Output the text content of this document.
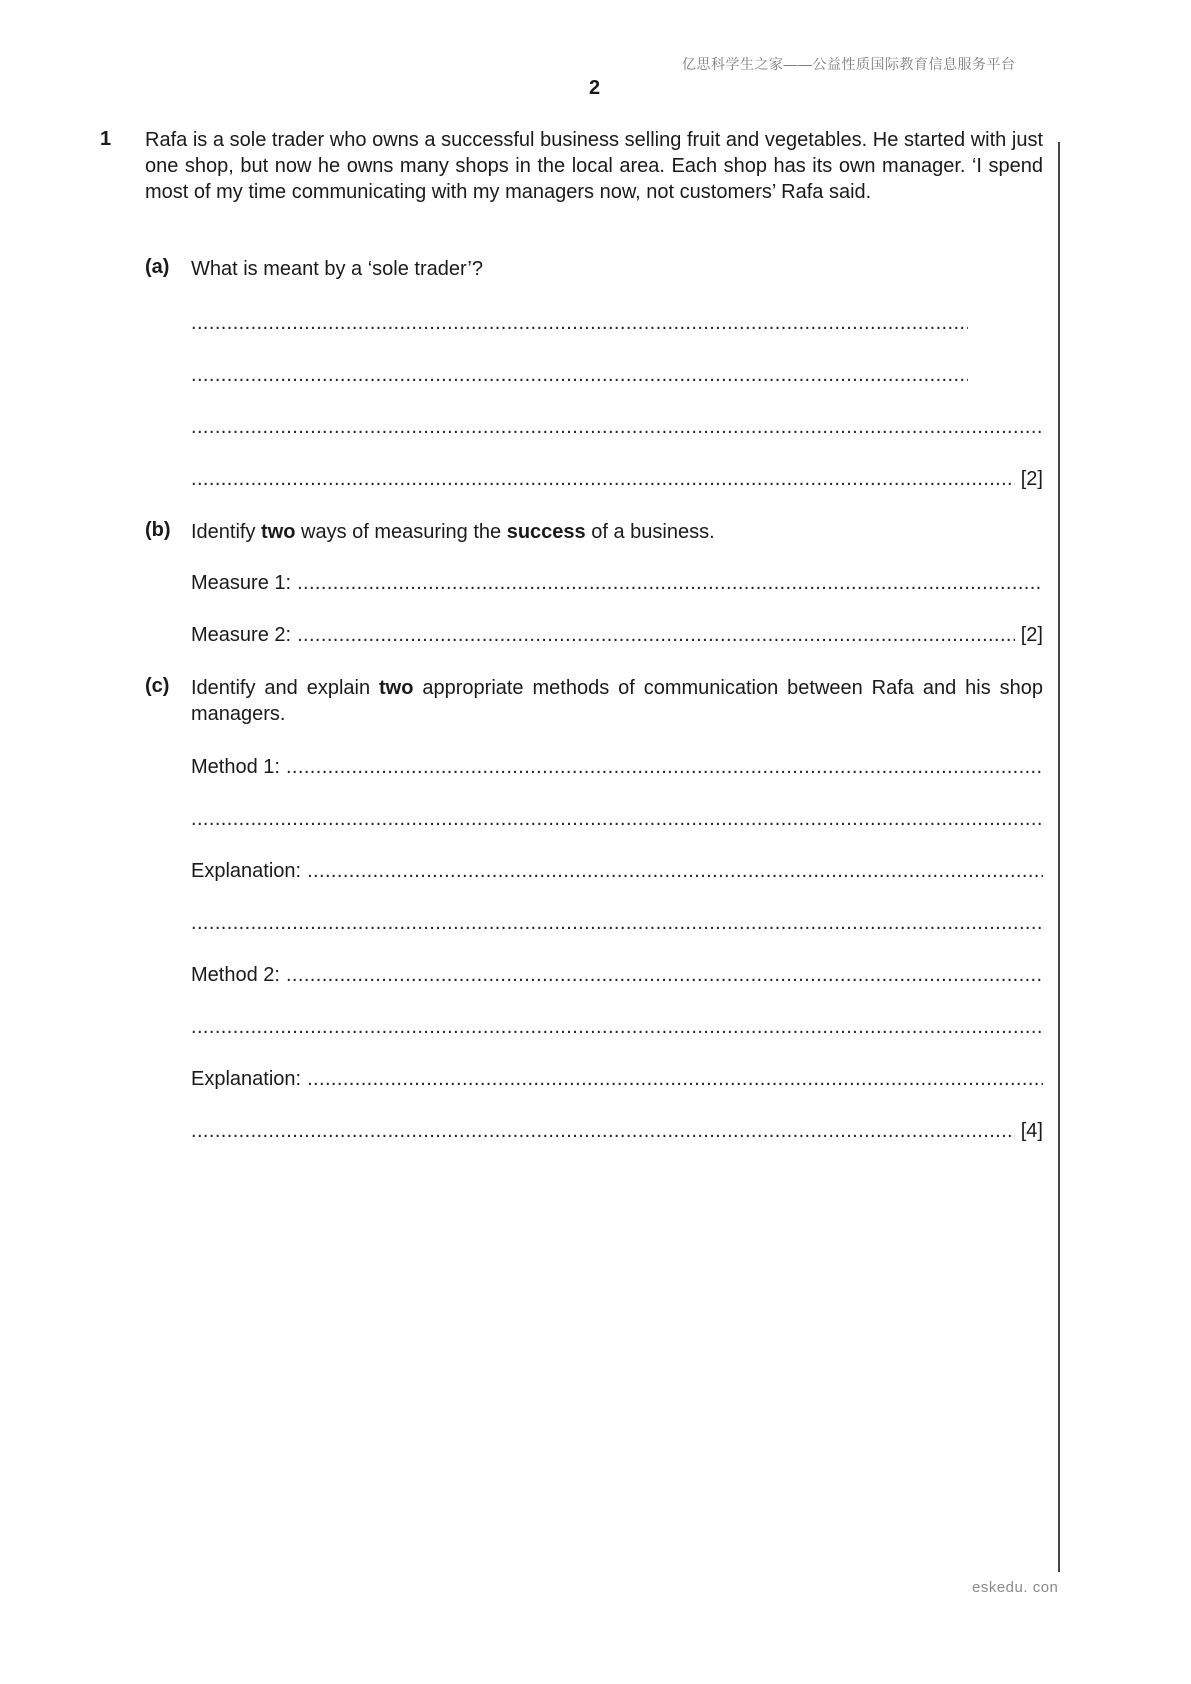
亿思科学生之家——公益性质国际教育信息服务平台
2
1 Rafa is a sole trader who owns a successful business selling fruit and vegetables. He started with just one shop, but now he owns many shops in the local area. Each shop has its own manager. ‘I spend most of my time communicating with my managers now, not customers’ Rafa said.
(a) What is meant by a ‘sole trader’?
.....
.....
.....
.....
[2]
(b) Identify two ways of measuring the success of a business.
Measure 1:
.....
Measure 2:
.....	[2]
(c) Identify and explain two appropriate methods of communication between Rafa and his shop managers.
Method 1:
.....
.....
Explanation:
.....
.....
Method 2:
.....
.....
Explanation:
.....
.....
[4]
eskedu. con
